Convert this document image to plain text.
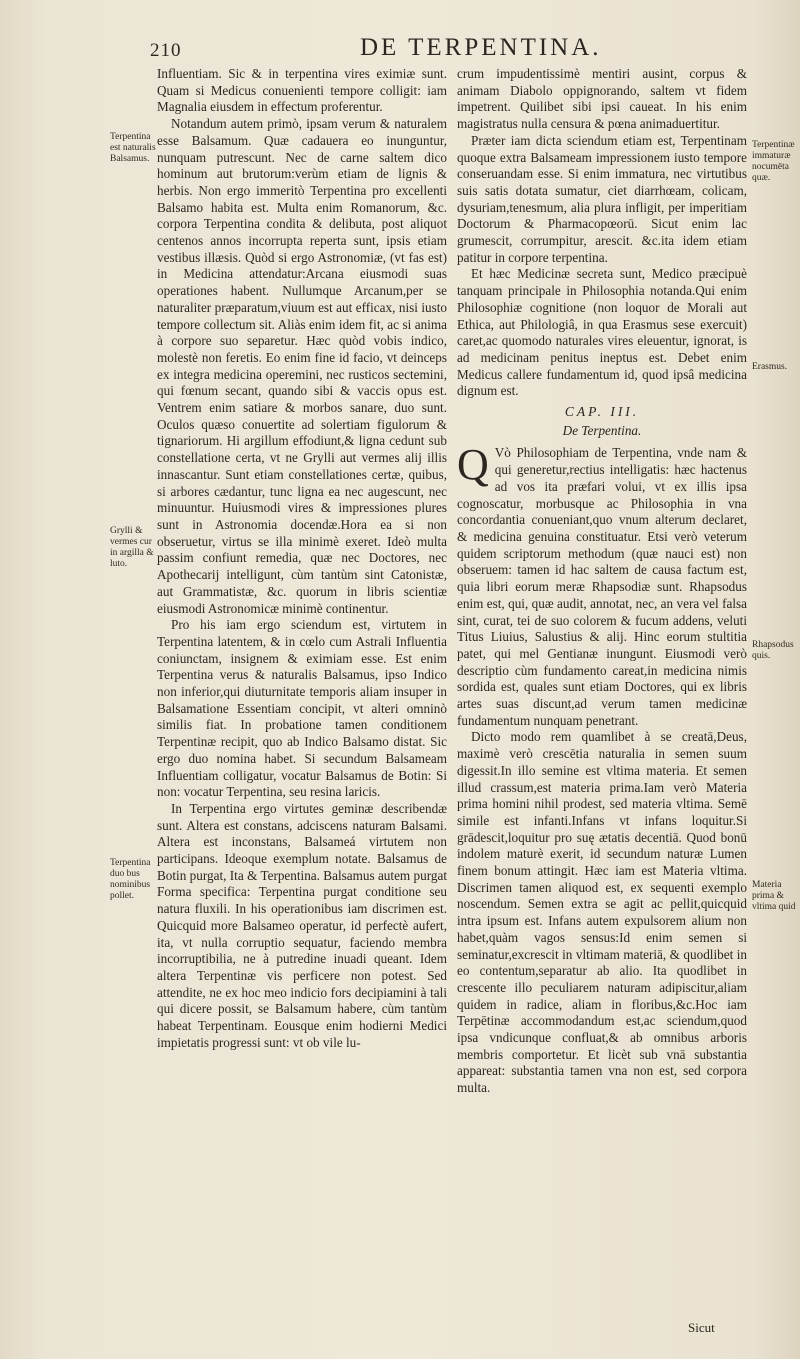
210	DE TERPENTINA.
Terpentina est naturalis Balsamus.
Grylli & vermes cur in argilla & luto.
Terpentina duo bus nominibus pollet.
Terpentinæ immaturæ nocumēta quæ.
Erasmus.
Rhapsodus quis.
Materia prima & vltima quid

Influentiam. Sic & in terpentina vires eximiæ sunt. Quam si Medicus conuenienti tempore colligit: iam Magnalia eiusdem in effectum proferentur.

Notandum autem primò, ipsam verum & naturalem esse Balsamum. Quæ cadauera eo inunguntur, nunquam putrescunt. Nec de carne saltem dico hominum aut brutorum:verùm etiam de lignis & herbis. Non ergo immeritò Terpentina pro excellenti Balsamo habita est. Multa enim Romanorum, &c. corpora Terpentina condita & delibuta, post aliquot centenos annos incorrupta reperta sunt, ipsis etiam vestibus illæsis. Quòd si ergo Astronomiæ, (vt fas est) in Medicina attendatur:Arcana eiusmodi suas operationes habent. Nullumque Arcanum,per se naturaliter præparatum,viuum est aut efficax, nisi iusto tempore collectum sit. Aliàs enim idem fit, ac si anima à corpore suo separetur. Hæc quòd vobis indico, molestè non feretis. Eo enim fine id facio, vt deinceps ex integra medicina operemini, nec rusticos sectemini, qui fœnum secant, quando sibi & vaccis opus est. Ventrem enim satiare & morbos sanare, duo sunt. Oculos quæso conuertite ad solertiam figulorum & tignariorum. Hi argillum effodiunt,& ligna cedunt sub constellatione certa, vt ne Grylli aut vermes alij illis innascantur. Sunt etiam constellationes certæ, quibus, si arbores cædantur, tunc ligna ea nec augescunt, nec minuuntur. Huiusmodi vires & impressiones plures sunt in Astronomia docendæ.Hora ea si non obseruetur, virtus se illa minimè exeret. Ideò multa passim confiunt remedia, quæ nec Doctores, nec Apothecarij intelligunt, cùm tantùm sint Catonistæ, aut Grammatistæ, &c. quorum in libris scientiæ eiusmodi Astronomicæ minimè continentur.

Pro his iam ergo sciendum est, virtutem in Terpentina latentem, & in cœlo cum Astrali Influentia coniunctam, insignem & eximiam esse. Est enim Terpentina verus & naturalis Balsamus, ipso Indico non inferior,qui diuturnitate temporis aliam insuper in Balsamatione Essentiam concipit, vt alteri omninò similis fiat. In probatione tamen conditionem Terpentinæ recipit, quo ab Indico Balsamo distat. Sic ergo duo nomina habet. Si secundum Balsameam Influentiam colligatur, vocatur Balsamus de Botin: Si non: vocatur Terpentina, seu resina laricis.

In Terpentina ergo virtutes geminæ describendæ sunt. Altera est constans, adciscens naturam Balsami. Altera est inconstans, Balsameá virtutem non participans. Ideoque exemplum notate. Balsamus de Botin purgat, Ita & Terpentina. Balsamus autem purgat Forma specifica: Terpentina purgat conditione seu natura fluxili. In his operationibus iam discrimen est. Quicquid more Balsameo operatur, id perfectè aufert, ita, vt nulla corruptio sequatur, faciendo membra incorruptibilia, ne à putredine inuadi queant. Idem altera Terpentinæ vis perficere non potest. Sed attendite, ne ex hoc meo indicio fors decipiamini à tali qui dicere possit, se Balsamum habere, cùm tantùm habeat Terpentinam. Eousque enim hodierni Medici impietatis progressi sunt: vt ob vile lu-

crum impudentissimè mentiri ausint, corpus & animam Diabolo oppignorando, saltem vt fidem impetrent. Quilibet sibi ipsi caueat. In his enim magistratus nulla censura & pœna animaduertitur.

Præter iam dicta sciendum etiam est, Terpentinam quoque extra Balsameam impressionem iusto tempore conseruandam esse. Si enim immatura, nec virtutibus suis satis dotata sumatur, ciet diarrhœam, colicam, dysuriam,tenesmum, alia plura infligit, per imperitiam Doctorum & Pharmacopœorū. Sicut enim lac grumescit, corrumpitur, arescit. &c.ita idem etiam patitur in corpore terpentina.

Et hæc Medicinæ secreta sunt, Medico præcipuè tanquam principale in Philosophia notanda.Qui enim Philosophiæ cognitione (non loquor de Morali aut Ethica, aut Philologiâ, in qua Erasmus sese exercuit) caret,ac quomodo naturales vires eleuentur, ignorat, is ad medicinam penitus ineptus est. Debet enim Medicus callere fundamentum id, quod ipsâ medicina dignum est.

CAP. III.
De Terpentina.

Q Vò Philosophiam de Terpentina, vnde nam & qui generetur,rectius intelligatis: hæc hactenus ad vos ita præfari volui, vt ex illis ipsa cognoscatur, morbusque ac Philosophia in vna concordantia conueniant,quo vnum alterum declaret, & medicina genuina constituatur. Etsi verò veterum quidem scriptorum methodum (quæ nauci est) non obseruem: tamen id hac saltem de causa factum est, quia libri eorum meræ Rhapsodiæ sunt. Rhapsodus enim est, qui, quæ audit, annotat, nec, an vera vel falsa sint, curat, tei de suo colorem & fucum addens, veluti Titus Liuius, Salustius & alij. Hinc eorum stultitia patet, qui mel Gentianæ inungunt. Eiusmodi verò descriptio cùm fundamento careat,in medicina nimis sordida est, quales sunt etiam Doctores, qui ex libris artes suas discunt,ad verum tamen medicinæ fundamentum nunquam penetrant.

Dicto modo rem quamlibet à se creatā,Deus, maximè verò crescētia naturalia in semen suum digessit.In illo semine est vltima materia. Et semen illud crassum,est materia prima.Iam verò Materia prima homini nihil prodest, sed materia vltima. Semē simile est infanti.Infans vt infans loquitur.Si grādescit,loquitur pro suę ætatis decentiā. Quod bonū indolem maturè exerit, id secundum naturæ Lumen finem bonum attingit. Hæc iam est Materia vltima. Discrimen tamen aliquod est, ex sequenti exemplo noscendum. Semen extra se agit ac pellit,quicquid intra ipsum est. Infans autem expulsorem alium non habet,quàm vagos sensus:Id enim semen si seminatur,excrescit in vltimam materiā, & quodlibet in eo contentum,separatur ab alio. Ita quodlibet in crescente illo peculiarem naturam adipiscitur,aliam quidem in radice, aliam in floribus,&c.Hoc iam Terpētinæ accommodandum est,ac sciendum,quod ipsa vndicunque confluat,& ab omnibus arboris membris comportetur. Et licèt sub vnā substantia appareat: substantia tamen vna non est, sed corpora multa.

Sicut
